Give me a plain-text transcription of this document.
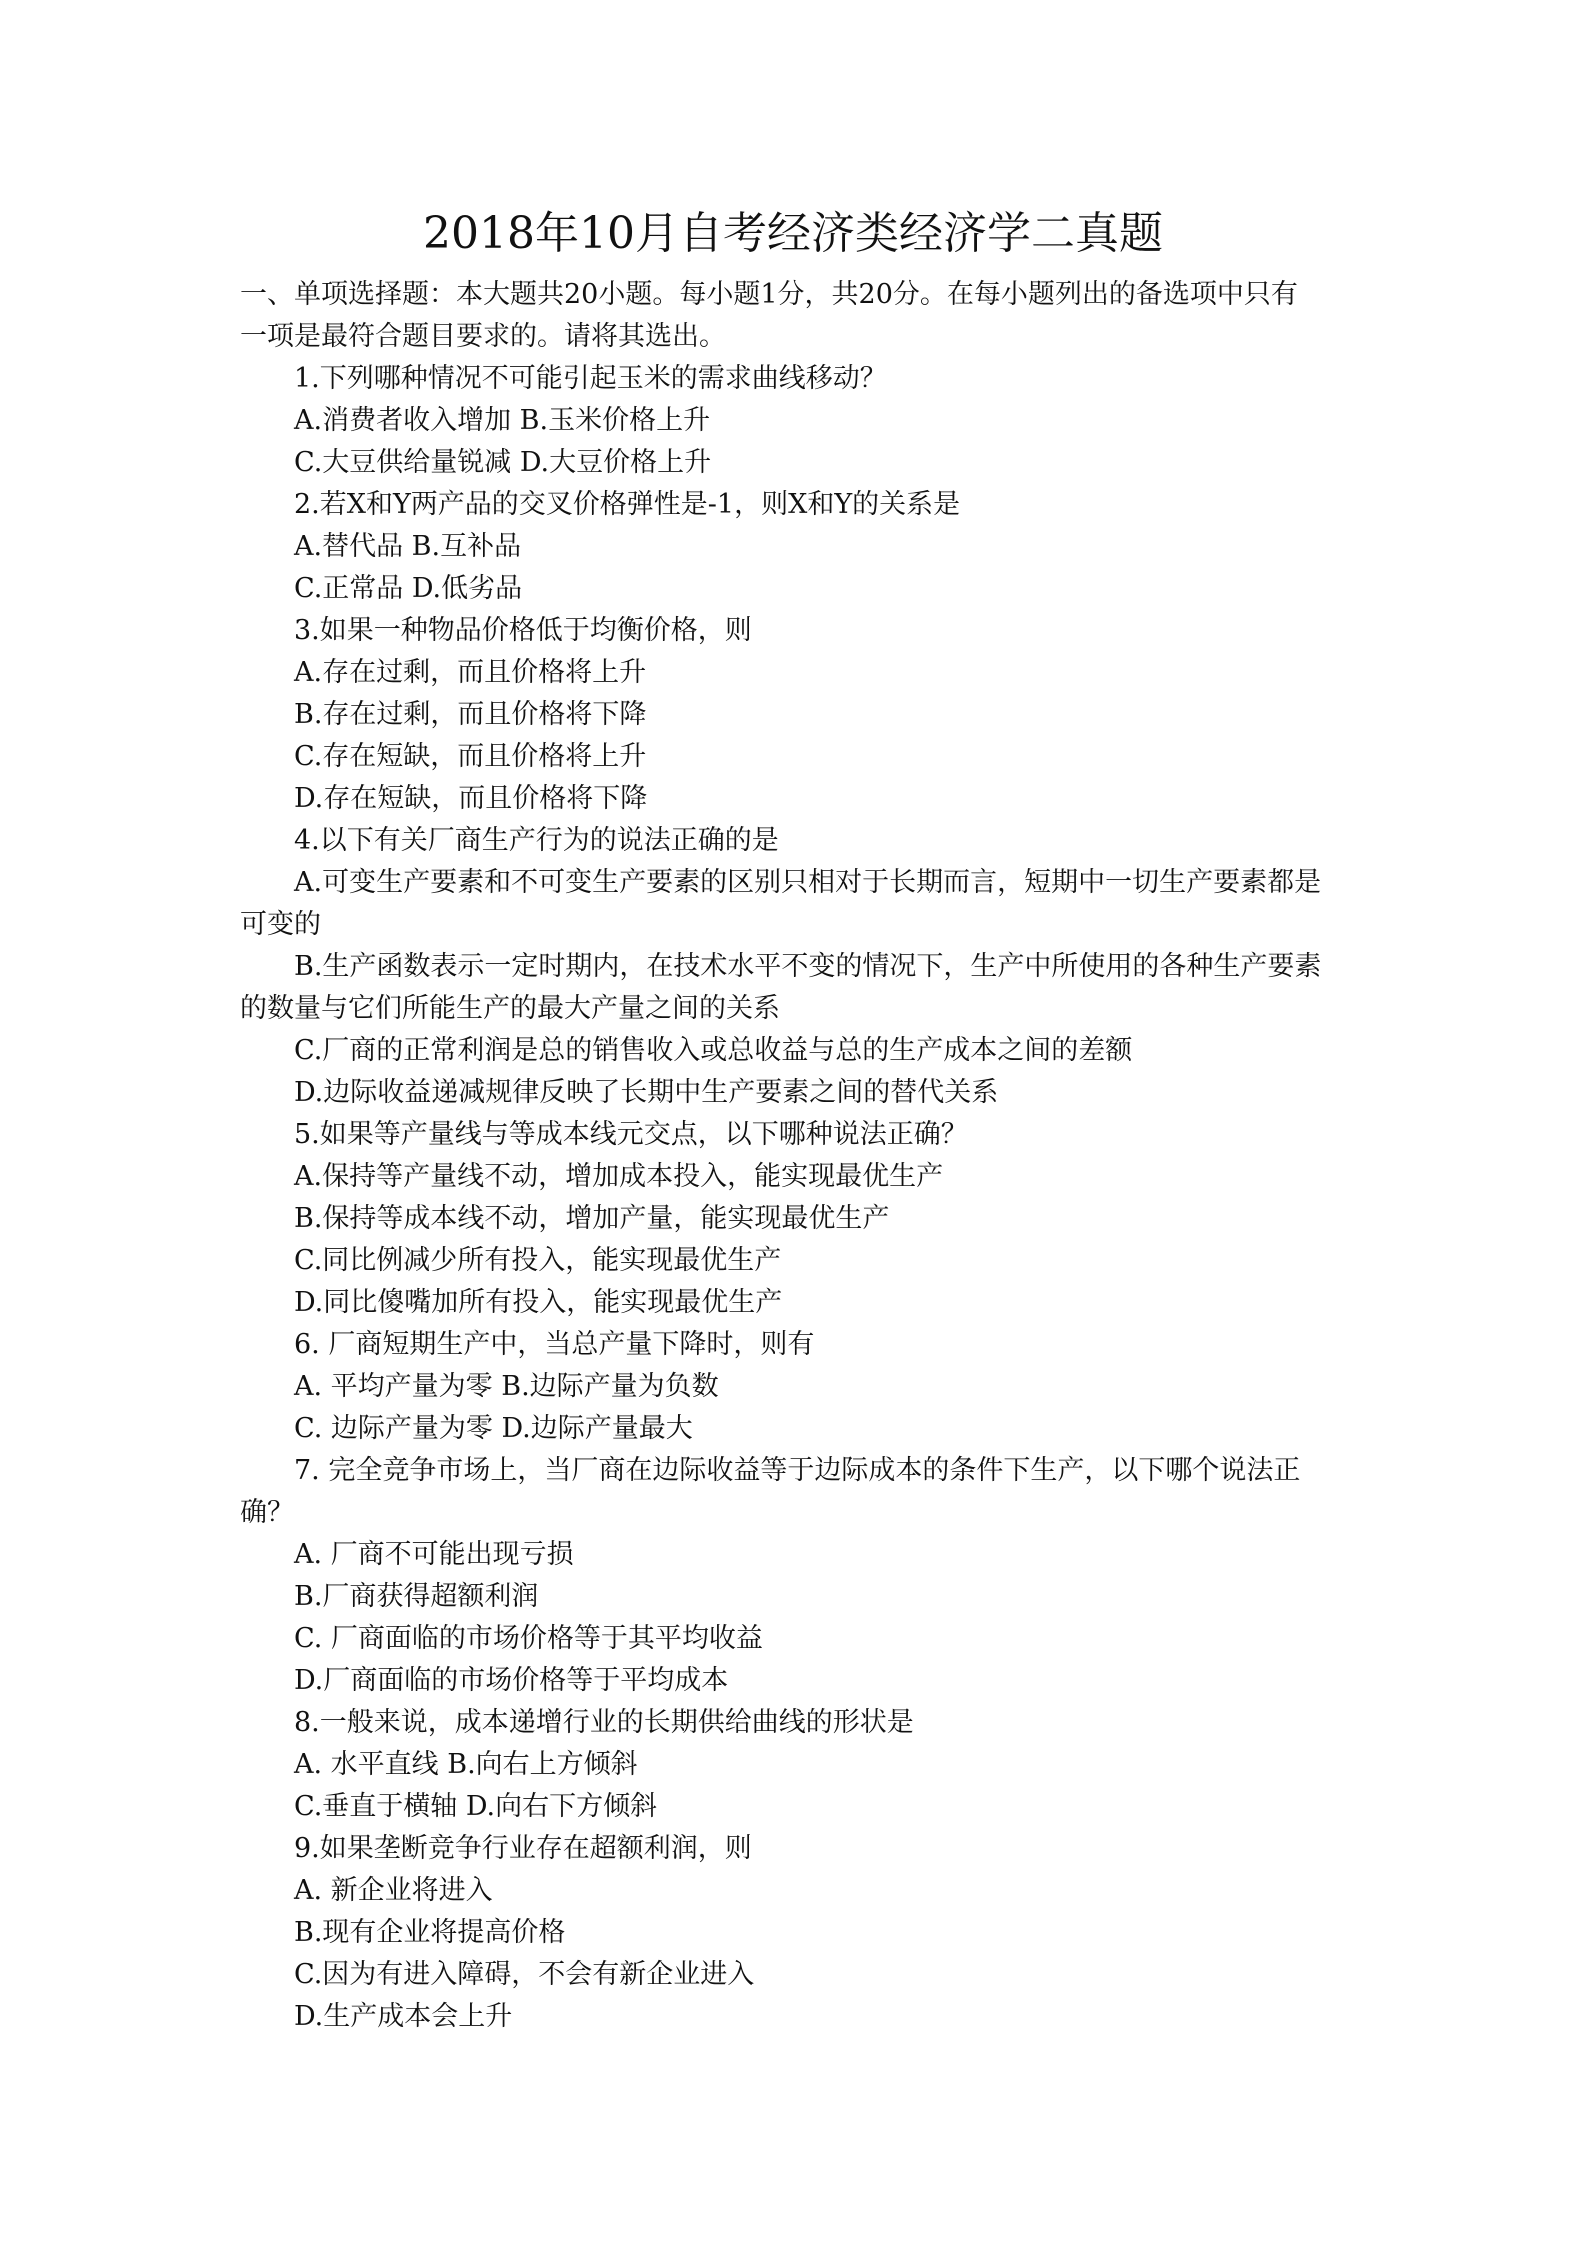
2018年10月自考经济类经济学二真题
一、单项选择题：本大题共20小题。每小题1分，共20分。在每小题列出的备选项中只有
一项是最符合题目要求的。请将其选出。
1.下列哪种情况不可能引起玉米的需求曲线移动？
A.消费者收入增加 B.玉米价格上升
C.大豆供给量锐减 D.大豆价格上升
2.若X和Y两产品的交叉价格弹性是-1，则X和Y的关系是
A.替代品 B.互补品
C.正常品 D.低劣品
3.如果一种物品价格低于均衡价格，则
A.存在过剩，而且价格将上升
B.存在过剩，而且价格将下降
C.存在短缺，而且价格将上升
D.存在短缺，而且价格将下降
4.以下有关厂商生产行为的说法正确的是
A.可变生产要素和不可变生产要素的区别只相对于长期而言，短期中一切生产要素都是
可变的
B.生产函数表示一定时期内，在技术水平不变的情况下，生产中所使用的各种生产要素
的数量与它们所能生产的最大产量之间的关系
C.厂商的正常利润是总的销售收入或总收益与总的生产成本之间的差额
D.边际收益递减规律反映了长期中生产要素之间的替代关系
5.如果等产量线与等成本线元交点，以下哪种说法正确？
A.保持等产量线不动，增加成本投入，能实现最优生产
B.保持等成本线不动，增加产量，能实现最优生产
C.同比例减少所有投入，能实现最优生产
D.同比傻嘴加所有投入，能实现最优生产
6. 厂商短期生产中，当总产量下降时，则有
A. 平均产量为零 B.边际产量为负数
C. 边际产量为零 D.边际产量最大
7. 完全竞争市场上，当厂商在边际收益等于边际成本的条件下生产，以下哪个说法正
确？
A. 厂商不可能出现亏损
B.厂商获得超额利润
C. 厂商面临的市场价格等于其平均收益
D.厂商面临的市场价格等于平均成本
8.一般来说，成本递增行业的长期供给曲线的形状是
A. 水平直线 B.向右上方倾斜
C.垂直于横轴 D.向右下方倾斜
9.如果垄断竞争行业存在超额利润，则
A. 新企业将进入
B.现有企业将提高价格
C.因为有进入障碍，不会有新企业进入
D.生产成本会上升
